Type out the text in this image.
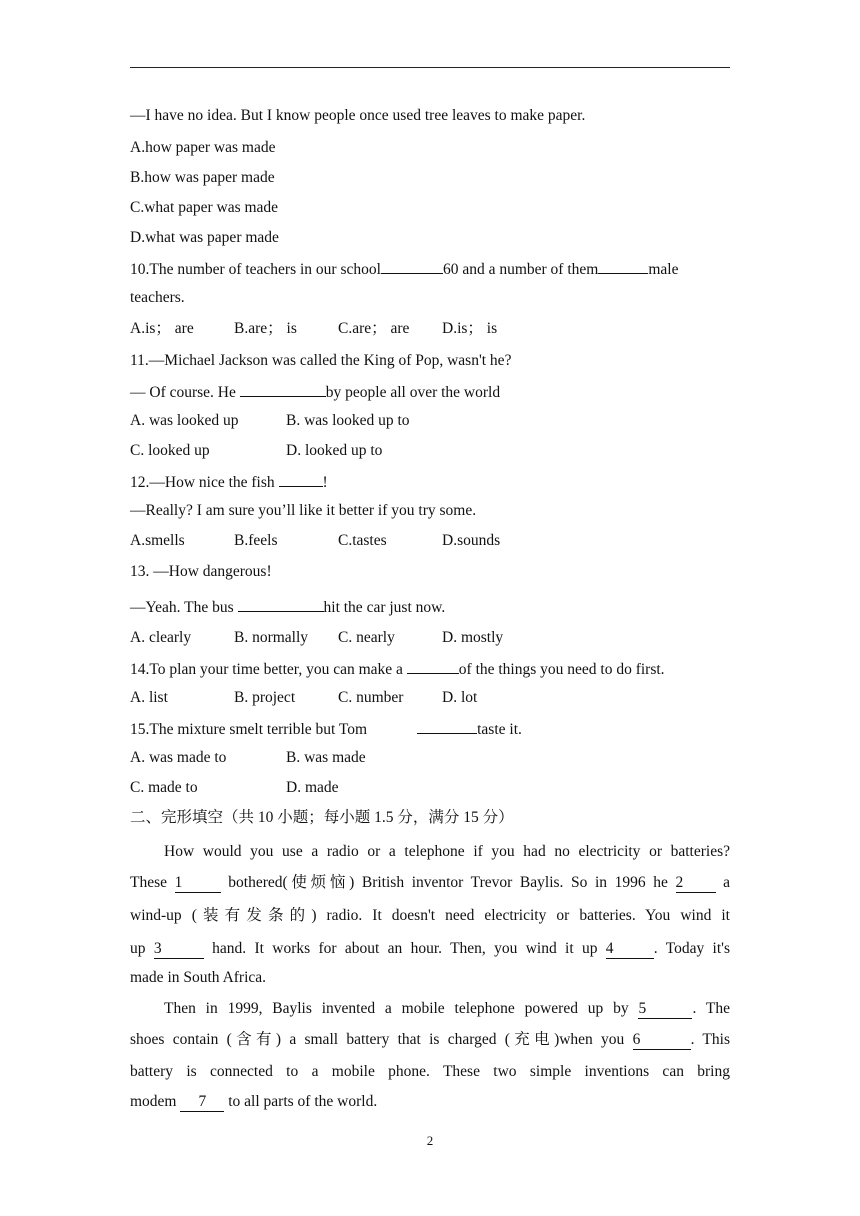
—I have no idea. But I know people once used tree leaves to make paper.
A.how paper was made
B.how was paper made
C.what paper was made
D.what was paper made
10.The number of teachers in our school	60 and a number of them	male
teachers.
A.is； are	B.are； is	C.are； are D.is； is
11.—Michael Jackson was called the King of Pop, wasn't he?
— Of course. He	by people all over the world
A. was looked up	B. was looked up to
C. looked up	D. looked up to
12.—How nice the fish	!
—Really? I am sure you’ll like it better if you try some.
A.smells	B.feels	C.tastes	D.sounds
13. —How dangerous!
—Yeah. The bus	hit the car just now.
A. clearly	B. normally C. nearly	D. mostly
14.To plan your time better, you can make a	of the things you need to do first.
A. list	B. project	C. number D. lot
15.The mixture smelt terrible but Tom	taste it.
A. was made to	B. was made
C. made to	D. made
二、完形填空（共 10 小题；每小题 1.5 分，满分 15 分）
How would you use a radio or a telephone if you had no electricity or batteries?
These 1	bothered(使烦恼) British inventor Trevor Baylis. So in 1996 he 2	a
wind-up (装有发条的) radio. It doesn't need electricity or batteries. You wind it
up 3	hand. It works for about an hour. Then, you wind it up 4	. Today it's
made in South Africa.
Then in 1999, Baylis invented a mobile telephone powered up by 5	. The
shoes contain (含有) a small battery that is charged (充电)when you 6	. This
battery is connected to a mobile phone. These two simple inventions can bring
modem 7 to all parts of the world.
2
